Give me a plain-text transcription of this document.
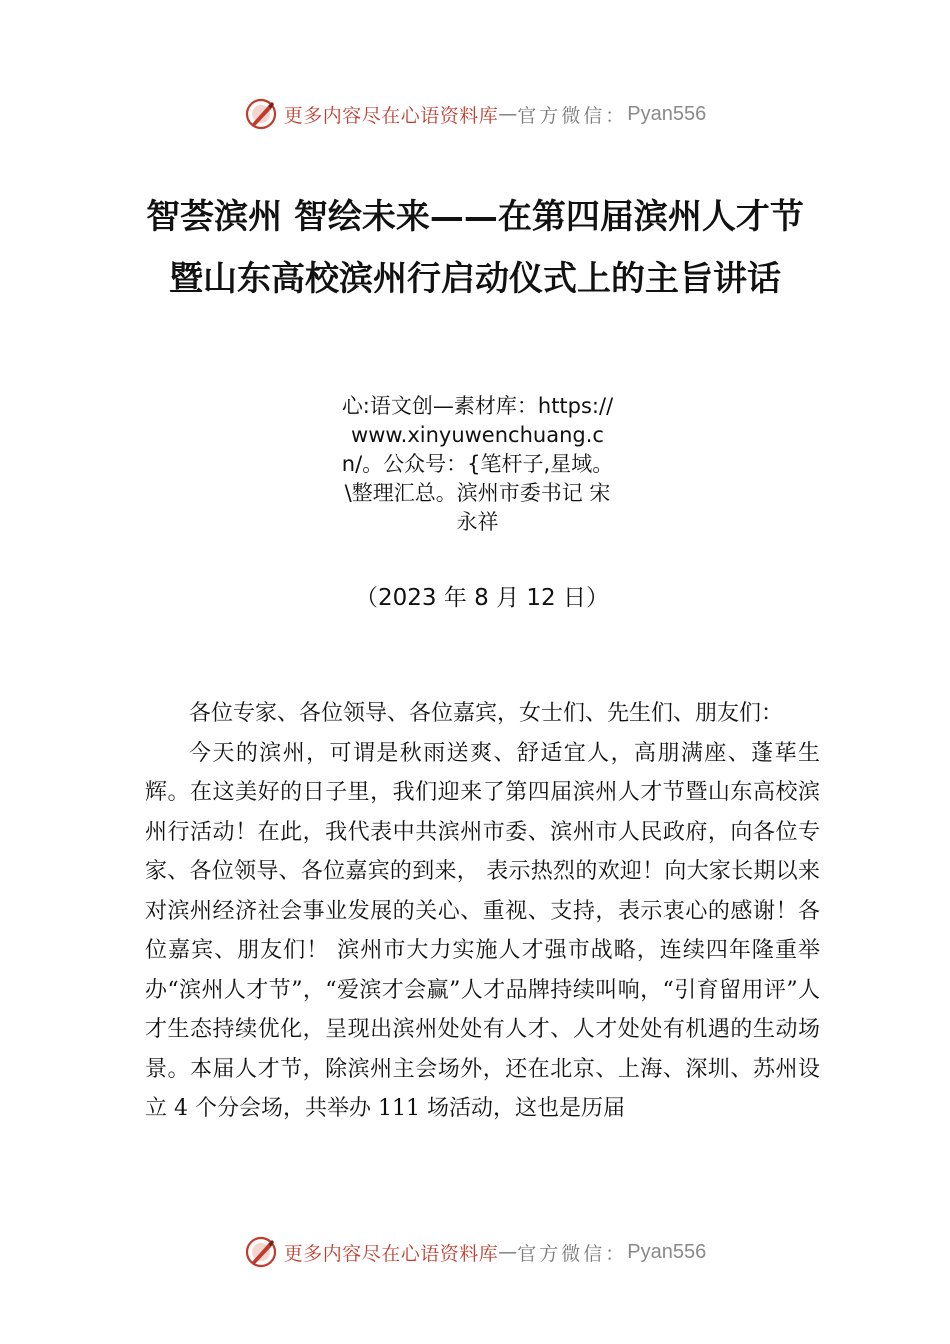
更多内容尽在心语资料库 — 官方微信： Pyan556
智荟滨州 智绘未来——在第四届滨州人才节暨山东高校滨州行启动仪式上的主旨讲话
心:语文创—素材库：https://www.xinyuwenchuang.cn/。公众号：{笔杆子,星域。\整理汇总。滨州市委书记 宋永祥
（2023 年 8 月 12 日）

各位专家、各位领导、各位嘉宾，女士们、先生们、朋友们：

今天的滨州，可谓是秋雨送爽、舒适宜人，高朋满座、蓬荜生辉。在这美好的日子里，我们迎来了第四届滨州人才节暨山东高校滨州行活动！在此，我代表中共滨州市委、滨州市人民政府，向各位专家、各位领导、各位嘉宾的到来， 表示热烈的欢迎！向大家长期以来对滨州经济社会事业发展的关心、重视、支持，表示衷心的感谢！各位嘉宾、朋友们！ 滨州市大力实施人才强市战略，连续四年隆重举办“滨州人才节”，“爱滨才会赢”人才品牌持续叫响，“引育留用评”人才生态持续优化，呈现出滨州处处有人才、人才处处有机遇的生动场景。本届人才节，除滨州主会场外，还在北京、上海、深圳、苏州设立 4 个分会场，共举办 111 场活动，这也是历届

更多内容尽在心语资料库 — 官方微信： Pyan556
